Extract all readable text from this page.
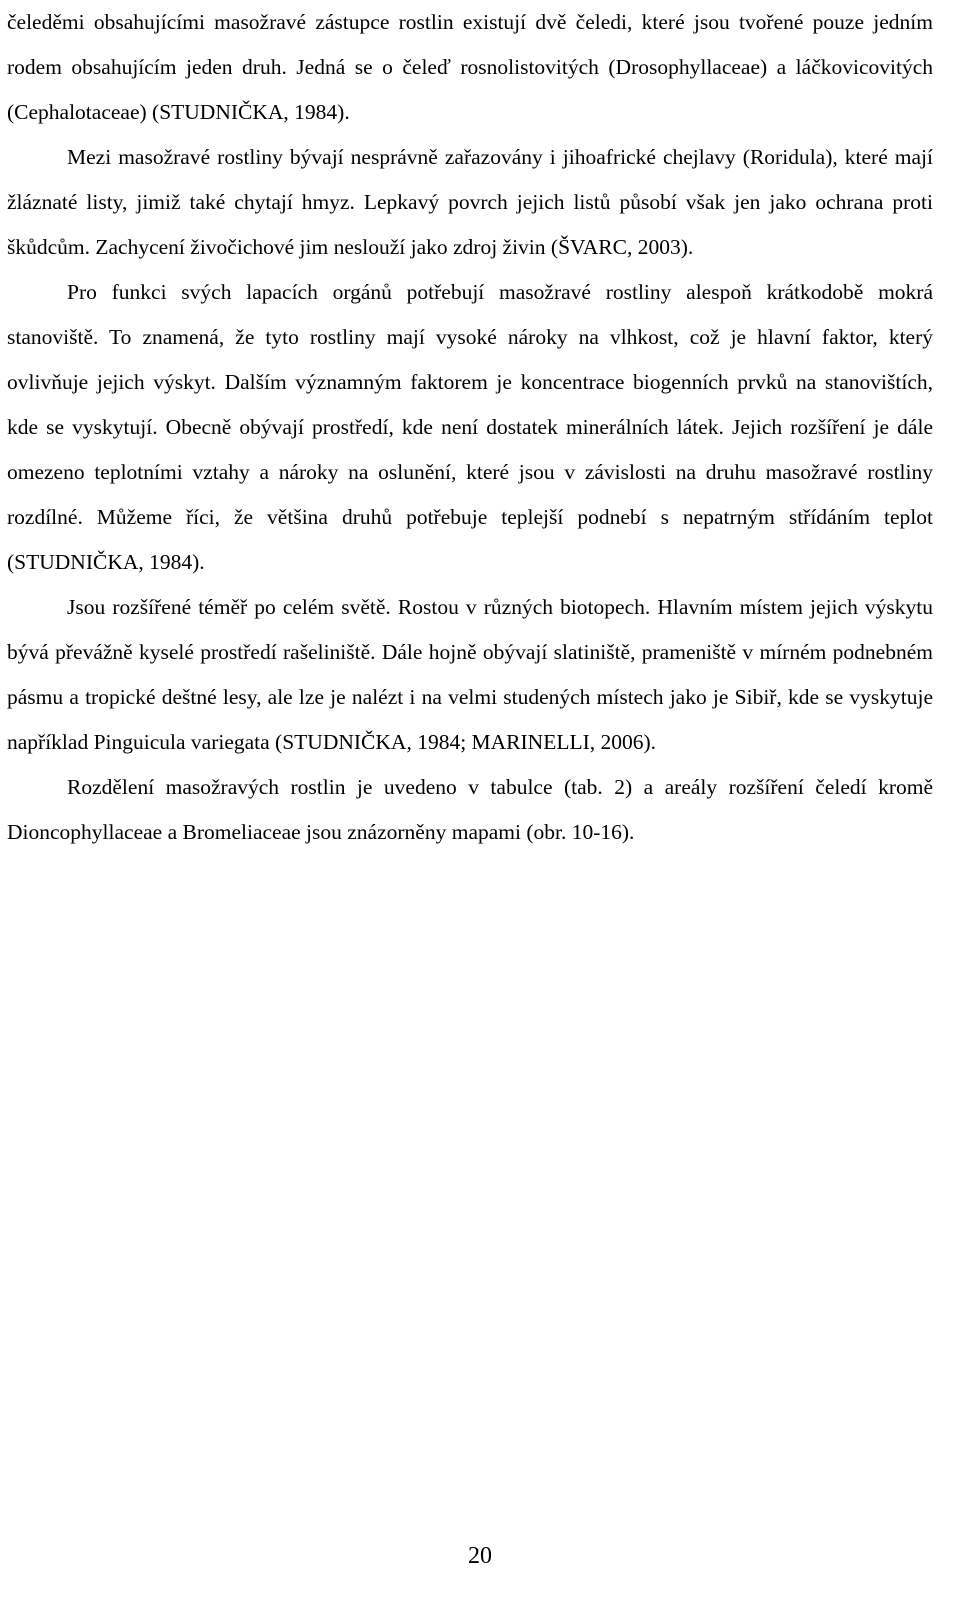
čeleděmi obsahujícími masožravé zástupce rostlin existují dvě čeledi, které jsou tvořené pouze jedním rodem obsahujícím jeden druh. Jedná se o čeleď rosnolistovitých (Drosophyllaceae) a láčkovicovitých (Cephalotaceae) (STUDNIČKA, 1984).

Mezi masožravé rostliny bývají nesprávně zařazovány i jihoafrické chejlavy (Roridula), které mají žláznaté listy, jimiž také chytají hmyz. Lepkavý povrch jejich listů působí však jen jako ochrana proti škůdcům. Zachycení živočichové jim neslouží jako zdroj živin (ŠVARC, 2003).

Pro funkci svých lapacích orgánů potřebují masožravé rostliny alespoň krátkodobě mokrá stanoviště. To znamená, že tyto rostliny mají vysoké nároky na vlhkost, což je hlavní faktor, který ovlivňuje jejich výskyt. Dalším významným faktorem je koncentrace biogenních prvků na stanovištích, kde se vyskytují. Obecně obývají prostředí, kde není dostatek minerálních látek. Jejich rozšíření je dále omezeno teplotními vztahy a nároky na oslunění, které jsou v závislosti na druhu masožravé rostliny rozdílné. Můžeme říci, že většina druhů potřebuje teplejší podnebí s nepatrným střídáním teplot (STUDNIČKA, 1984).

Jsou rozšířené téměř po celém světě. Rostou v různých biotopech. Hlavním místem jejich výskytu bývá převážně kyselé prostředí rašeliniště. Dále hojně obývají slatiniště, prameniště v mírném podnebném pásmu a tropické deštné lesy, ale lze je nalézt i na velmi studených místech jako je Sibiř, kde se vyskytuje například Pinguicula variegata (STUDNIČKA, 1984; MARINELLI, 2006).

Rozdělení masožravých rostlin je uvedeno v tabulce (tab. 2) a areály rozšíření čeledí kromě Dioncophyllaceae a Bromeliaceae jsou znázorněny mapami (obr. 10-16).

20
